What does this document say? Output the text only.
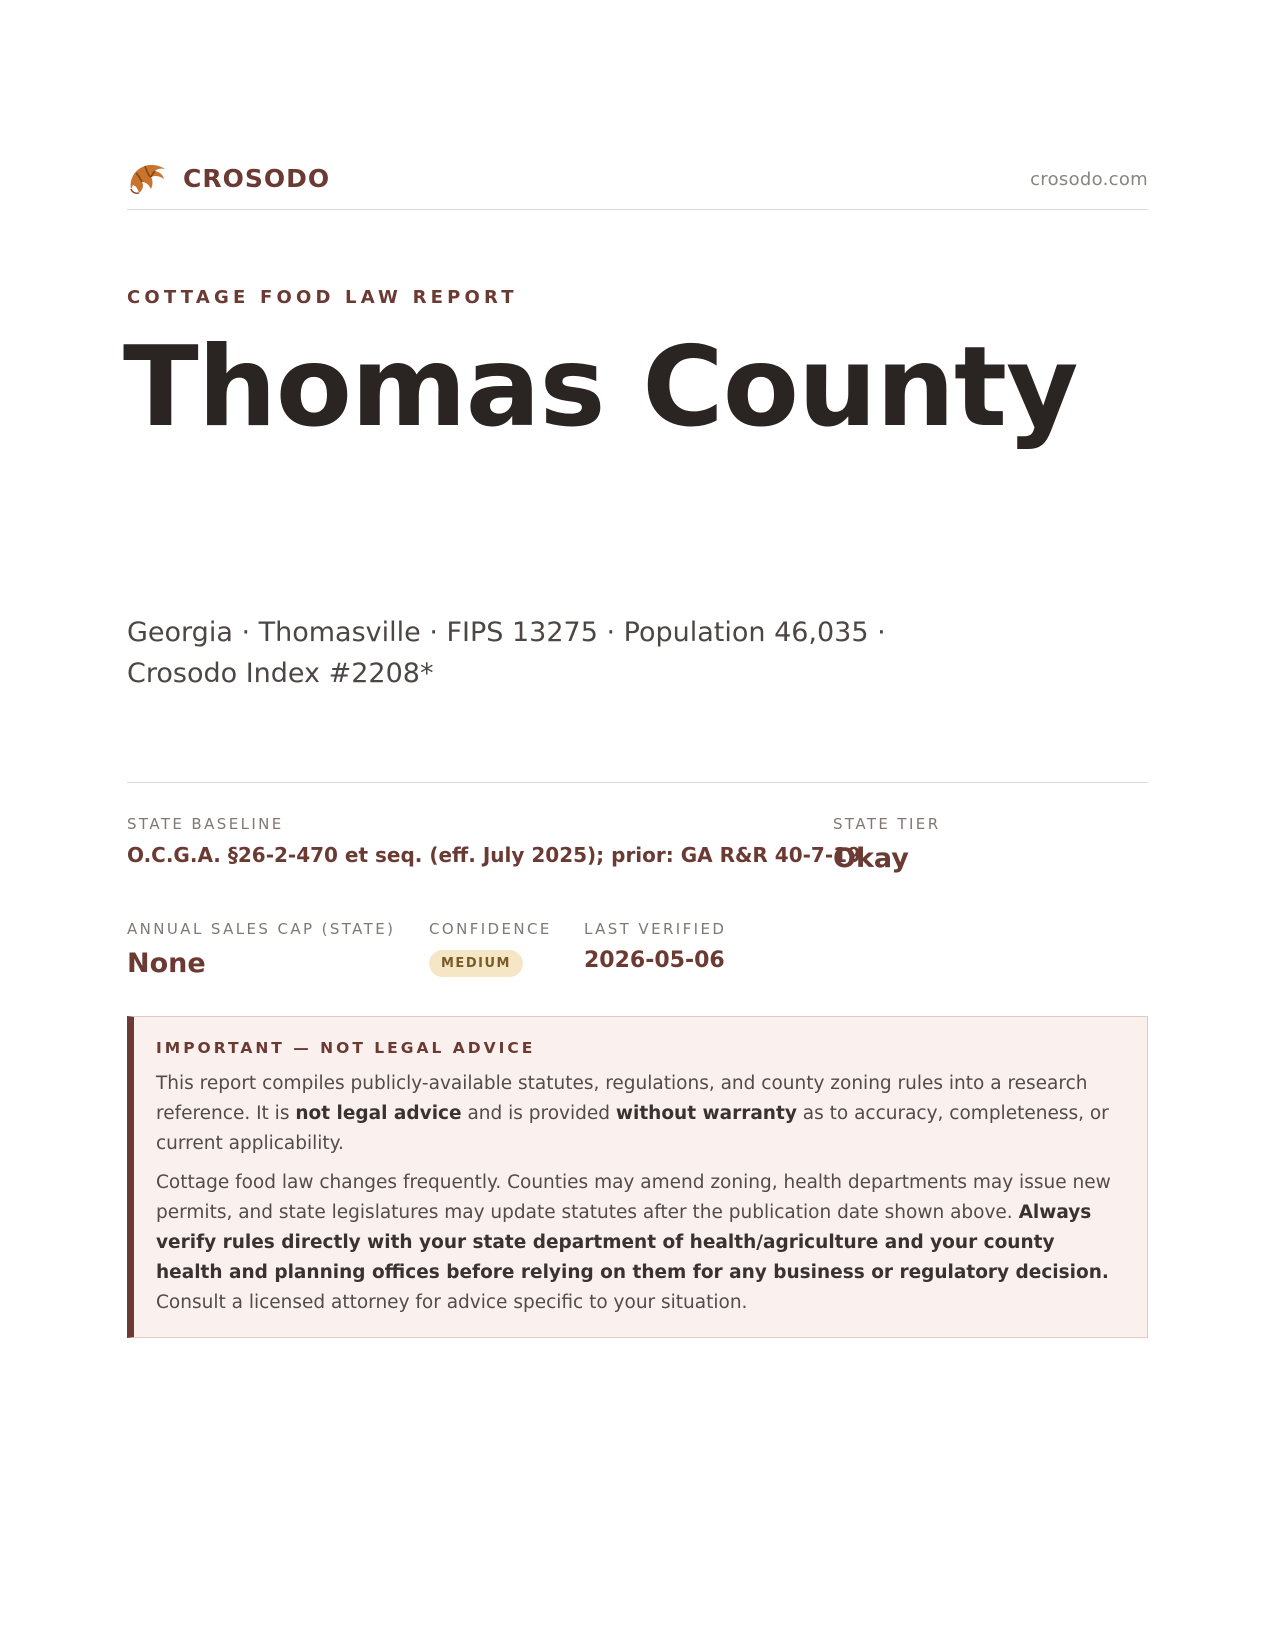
CROSODO	crosodo.com
COTTAGE FOOD LAW REPORT
Thomas County
Georgia · Thomasville · FIPS 13275 · Population 46,035 · Crosodo Index #2208*
STATE BASELINE
O.C.G.A. §26-2-470 et seq. (eff. July 2025); prior: GA R&R 40-7-19
STATE TIER
Okay
ANNUAL SALES CAP (STATE)
None
CONFIDENCE
MEDIUM
LAST VERIFIED
2026-05-06
IMPORTANT — NOT LEGAL ADVICE

This report compiles publicly-available statutes, regulations, and county zoning rules into a research reference. It is not legal advice and is provided without warranty as to accuracy, completeness, or current applicability.

Cottage food law changes frequently. Counties may amend zoning, health departments may issue new permits, and state legislatures may update statutes after the publication date shown above. Always verify rules directly with your state department of health/agriculture and your county health and planning offices before relying on them for any business or regulatory decision. Consult a licensed attorney for advice specific to your situation.
